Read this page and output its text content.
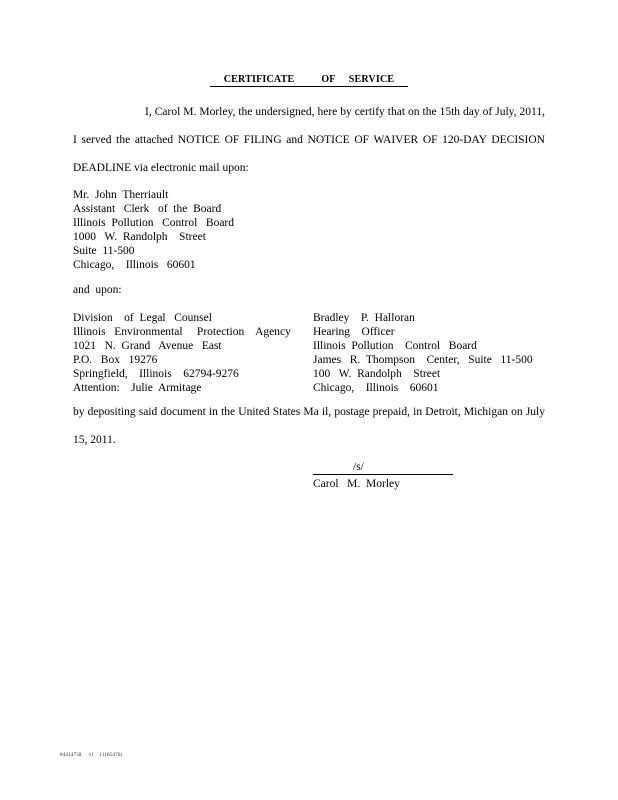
CERTIFICATE          OF     SERVICE
I, Carol M. Morley, the undersigned, here by certify that on the 15th day of July, 2011, I served the attached NOTICE OF FILING and NOTICE OF WAIVER OF 120-DAY DECISION DEADLINE via electronic mail upon:
Mr.  John  Therriault
Assistant   Clerk   of  the  Board
Illinois  Pollution   Control   Board
1000   W.  Randolph    Street
Suite  11-500
Chicago,    Illinois   60601
and  upon:
Division    of  Legal   Counsel
Illinois   Environmental     Protection    Agency
1021   N.  Grand   Avenue   East
P.O.   Box   19276
Springfield,    Illinois    62794-9276
Attention:    Julie  Armitage
Bradley    P.  Halloran
Hearing    Officer
Illinois  Pollution    Control   Board
James   R.  Thompson    Center,   Suite   11-500
100   W.  Randolph    Street
Chicago,    Illinois    60601
by depositing said document in the United States Ma il, postage prepaid, in Detroit, Michigan on July 15, 2011.
/s/
Carol   M.  Morley
#4414758     v1    (1185470)
